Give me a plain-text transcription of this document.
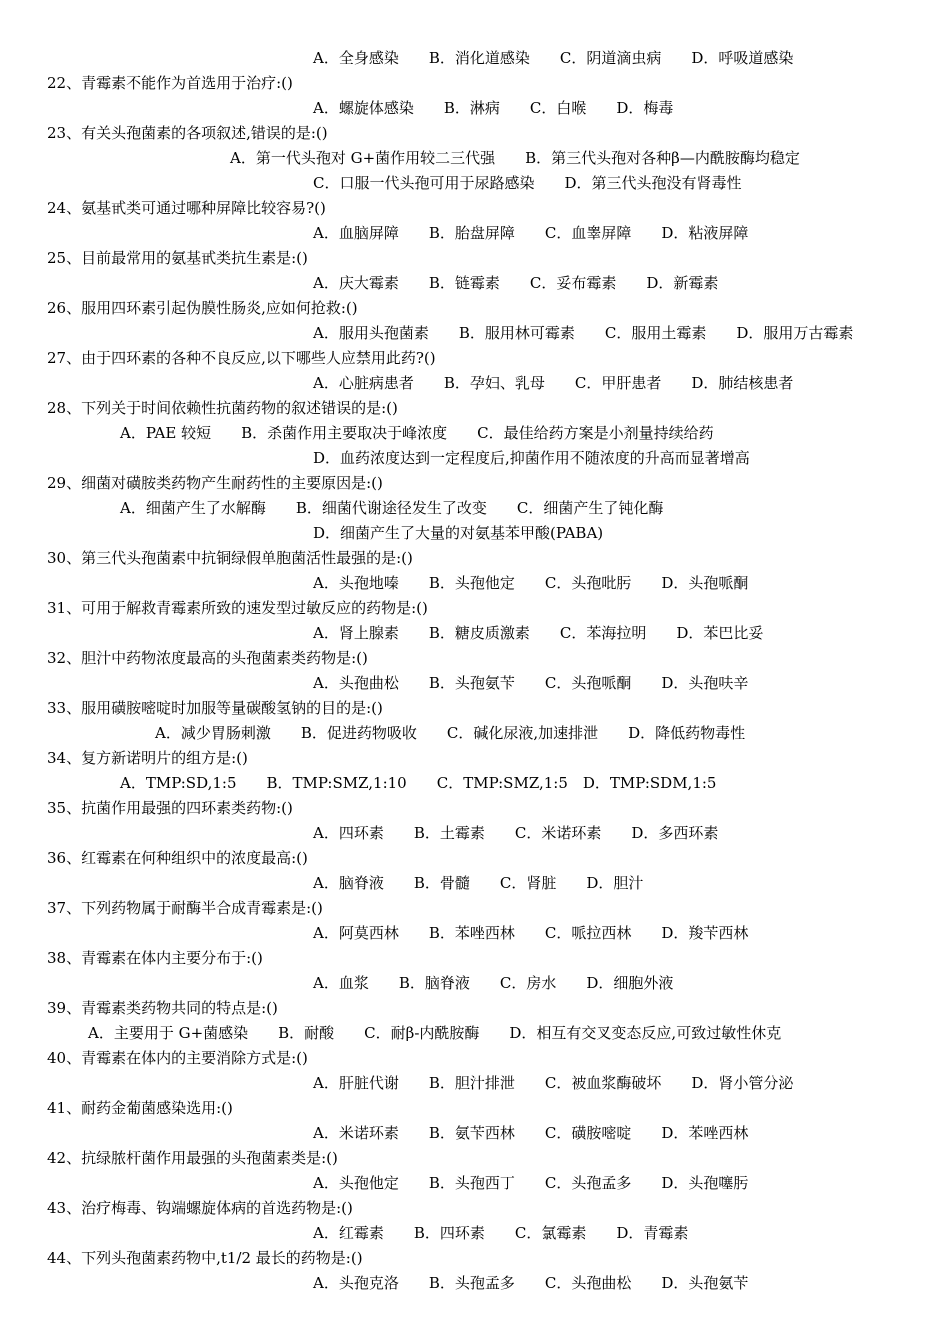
A．全身感染　　B．消化道感染　　C．阴道滴虫病　　D．呼吸道感染
22、青霉素不能作为首选用于治疗:()
A．螺旋体感染　　B．淋病　　C．白喉　　D．梅毒
23、有关头孢菌素的各项叙述,错误的是:()
A．第一代头孢对 G+菌作用较二三代强　　B．第三代头孢对各种β—内酰胺酶均稳定
C．口服一代头孢可用于尿路感染　　D．第三代头孢没有肾毒性
24、氨基甙类可通过哪种屏障比较容易?()
A．血脑屏障　　B．胎盘屏障　　C．血睾屏障　　D．粘液屏障
25、目前最常用的氨基甙类抗生素是:()
A．庆大霉素　　B．链霉素　　C．妥布霉素　　D．新霉素
26、服用四环素引起伪膜性肠炎,应如何抢救:()
A．服用头孢菌素　　B．服用林可霉素　　C．服用土霉素　　D．服用万古霉素
27、由于四环素的各种不良反应,以下哪些人应禁用此药?()
A．心脏病患者　　B．孕妇、乳母　　C．甲肝患者　　D．肺结核患者
28、下列关于时间依赖性抗菌药物的叙述错误的是:()
A．PAE 较短　　B．杀菌作用主要取决于峰浓度　　C．最佳给药方案是小剂量持续给药
D．血药浓度达到一定程度后,抑菌作用不随浓度的升高而显著增高
29、细菌对磺胺类药物产生耐药性的主要原因是:()
A．细菌产生了水解酶　　B．细菌代谢途径发生了改变　　C．细菌产生了钝化酶
D．细菌产生了大量的对氨基苯甲酸(PABA)
30、第三代头孢菌素中抗铜绿假单胞菌活性最强的是:()
A．头孢地嗪　　B．头孢他定　　C．头孢吡肟　　D．头孢哌酮
31、可用于解救青霉素所致的速发型过敏反应的药物是:()
A．肾上腺素　　B．糖皮质激素　　C．苯海拉明　　D．苯巴比妥
32、胆汁中药物浓度最高的头孢菌素类药物是:()
A．头孢曲松　　B．头孢氨苄　　C．头孢哌酮　　D．头孢呋辛
33、服用磺胺嘧啶时加服等量碳酸氢钠的目的是:()
A．减少胃肠刺激　　B．促进药物吸收　　C．碱化尿液,加速排泄　　D．降低药物毒性
34、复方新诺明片的组方是:()
A．TMP:SD,1:5　　B．TMP:SMZ,1:10　　C．TMP:SMZ,1:5　D．TMP:SDM,1:5
35、抗菌作用最强的四环素类药物:()
A．四环素　　B．土霉素　　C．米诺环素　　D．多西环素
36、红霉素在何种组织中的浓度最高:()
A．脑脊液　　B．骨髓　　C．肾脏　　D．胆汁
37、下列药物属于耐酶半合成青霉素是:()
A．阿莫西林　　B．苯唑西林　　C．哌拉西林　　D．羧苄西林
38、青霉素在体内主要分布于:()
A．血浆　　B．脑脊液　　C．房水　　D．细胞外液
39、青霉素类药物共同的特点是:()
A．主要用于 G+菌感染　　B．耐酸　　C．耐β-内酰胺酶　　D．相互有交叉变态反应,可致过敏性休克
40、青霉素在体内的主要消除方式是:()
A．肝脏代谢　　B．胆汁排泄　　C．被血浆酶破坏　　D．肾小管分泌
41、耐药金葡菌感染选用:()
A．米诺环素　　B．氨苄西林　　C．磺胺嘧啶　　D．苯唑西林
42、抗绿脓杆菌作用最强的头孢菌素类是:()
A．头孢他定　　B．头孢西丁　　C．头孢孟多　　D．头孢噻肟
43、治疗梅毒、钩端螺旋体病的首选药物是:()
A．红霉素　　B．四环素　　C．氯霉素　　D．青霉素
44、下列头孢菌素药物中,t1/2 最长的药物是:()
A．头孢克洛　　B．头孢孟多　　C．头孢曲松　　D．头孢氨苄
